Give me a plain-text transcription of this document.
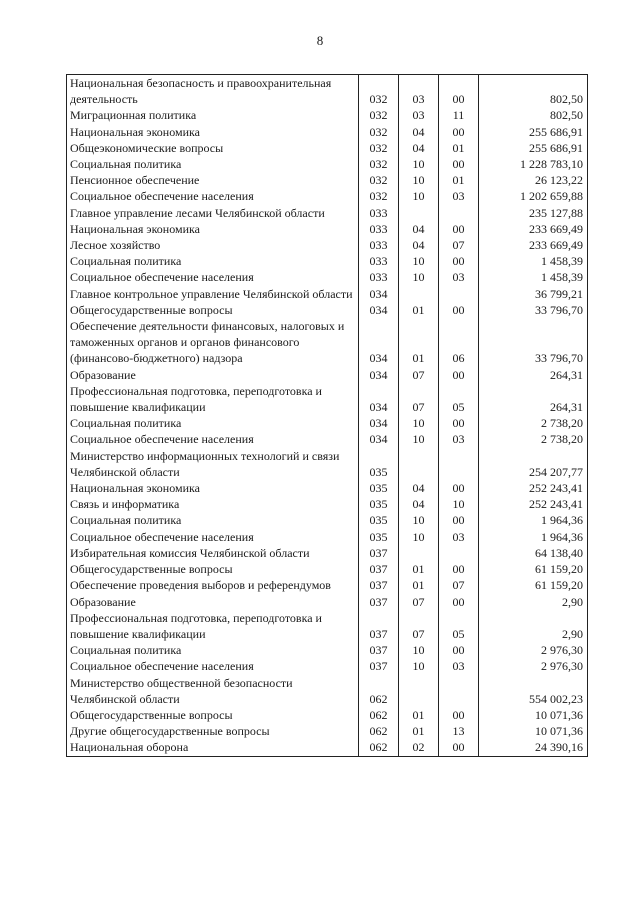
8
Национальная безопасность и правоохранительная деятельность	032	03	00	802,50
Миграционная политика	032	03	11	802,50
Национальная экономика	032	04	00	255 686,91
Общеэкономические вопросы	032	04	01	255 686,91
Социальная политика	032	10	00	1 228 783,10
Пенсионное обеспечение	032	10	01	26 123,22
Социальное обеспечение населения	032	10	03	1 202 659,88
Главное управление лесами Челябинской области	033			235 127,88
Национальная экономика	033	04	00	233 669,49
Лесное хозяйство	033	04	07	233 669,49
Социальная политика	033	10	00	1 458,39
Социальное обеспечение населения	033	10	03	1 458,39
Главное контрольное управление Челябинской области	034			36 799,21
Общегосударственные вопросы	034	01	00	33 796,70
Обеспечение деятельности финансовых, налоговых и таможенных органов и органов финансового (финансово-бюджетного) надзора	034	01	06	33 796,70
Образование	034	07	00	264,31
Профессиональная подготовка, переподготовка и повышение квалификации	034	07	05	264,31
Социальная политика	034	10	00	2 738,20
Социальное обеспечение населения	034	10	03	2 738,20
Министерство информационных технологий и связи Челябинской области	035			254 207,77
Национальная экономика	035	04	00	252 243,41
Связь и информатика	035	04	10	252 243,41
Социальная политика	035	10	00	1 964,36
Социальное обеспечение населения	035	10	03	1 964,36
Избирательная комиссия Челябинской области	037			64 138,40
Общегосударственные вопросы	037	01	00	61 159,20
Обеспечение проведения выборов и референдумов	037	01	07	61 159,20
Образование	037	07	00	2,90
Профессиональная подготовка, переподготовка и повышение квалификации	037	07	05	2,90
Социальная политика	037	10	00	2 976,30
Социальное обеспечение населения	037	10	03	2 976,30
Министерство общественной безопасности Челябинской области	062			554 002,23
Общегосударственные вопросы	062	01	00	10 071,36
Другие общегосударственные вопросы	062	01	13	10 071,36
Национальная оборона	062	02	00	24 390,16
